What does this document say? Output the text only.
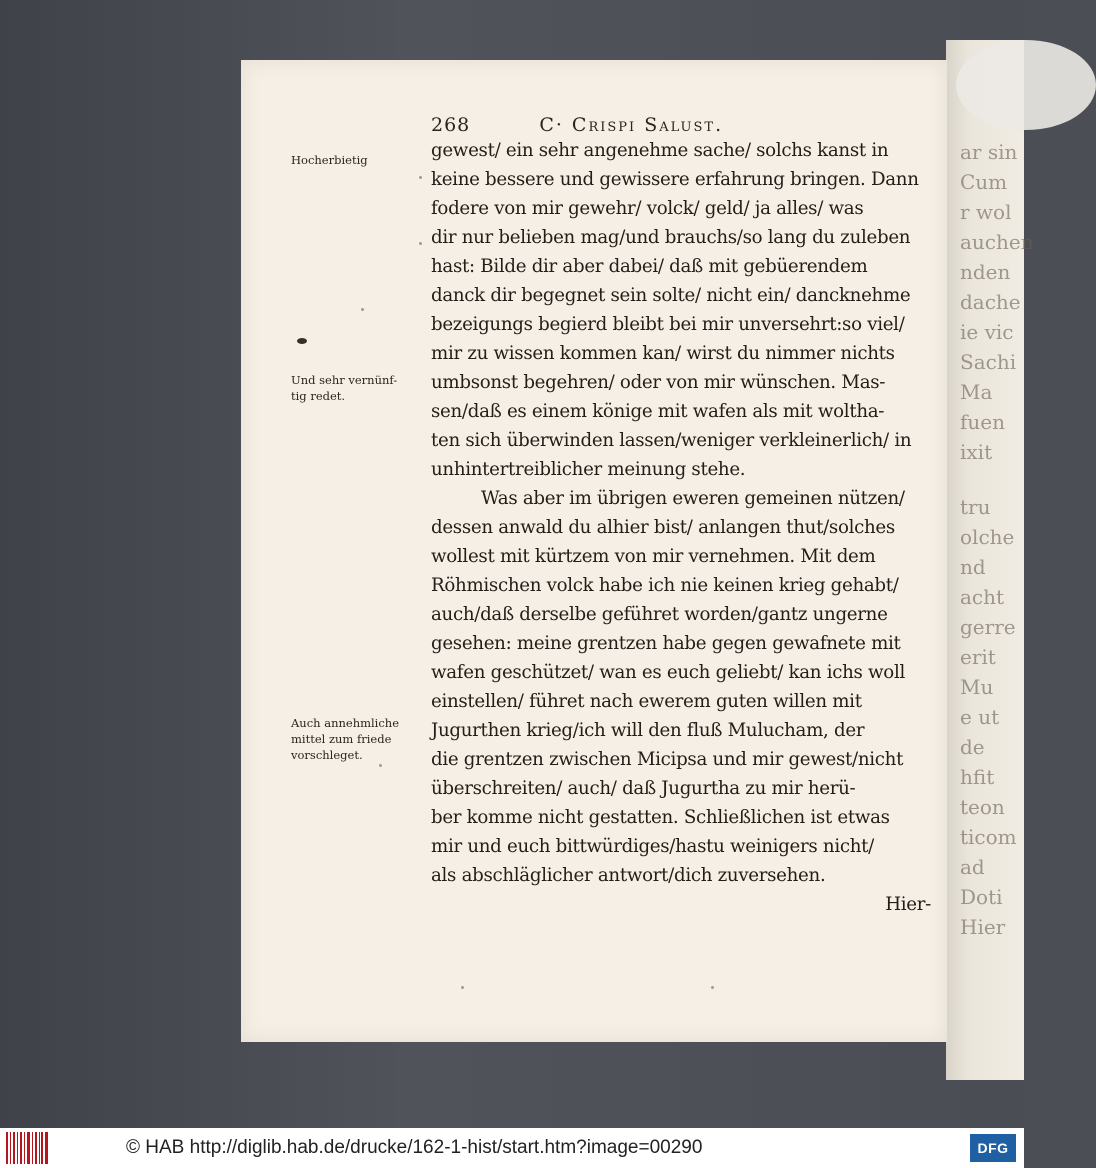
ar sin
Cum
r wol
auchen
nden
dache
ie vic
Sachi
Ma
fuen
ixit
tru
olche
nd
acht
gerre
erit
Mu
e ut
de
hfit
teon
ticom
ad
Doti
Hier
268	C· Crispi Salust.
Hocherbietig
Und sehr vernünf-
tig redet.
Auch annehmliche
mittel zum friede
vorschleget.
gewest/ ein sehr angenehme sache/ solchs kanst in
keine bessere und gewissere erfahrung bringen. Dann
fodere von mir gewehr/ volck/ geld/ ja alles/ was
dir nur belieben mag/und brauchs/so lang du zuleben
hast: Bilde dir aber dabei/ daß mit gebüerendem
danck dir begegnet sein solte/ nicht ein/ dancknehme
bezeigungs begierd bleibt bei mir unversehrt:so viel/
mir zu wissen kommen kan/ wirst du nimmer nichts
umbsonst begehren/ oder von mir wünschen. Mas-
sen/daß es einem könige mit wafen als mit woltha-
ten sich überwinden lassen/weniger verkleinerlich/ in
unhintertreiblicher meinung stehe.
Was aber im übrigen eweren gemeinen nützen/
dessen anwald du alhier bist/ anlangen thut/solches
wollest mit kürtzem von mir vernehmen. Mit dem
Röhmischen volck habe ich nie keinen krieg gehabt/
auch/daß derselbe geführet worden/gantz ungerne
gesehen: meine grentzen habe gegen gewafnete mit
wafen geschützet/ wan es euch geliebt/ kan ichs woll
einstellen/ führet nach ewerem guten willen mit
Jugurthen krieg/ich will den fluß Mulucham, der
die grentzen zwischen Micipsa und mir gewest/nicht
überschreiten/ auch/ daß Jugurtha zu mir herü-
ber komme nicht gestatten. Schließlichen ist etwas
mir und euch bittwürdiges/hastu weinigers nicht/
als abschläglicher antwort/dich zuversehen.
Hier-
© HAB http://diglib.hab.de/drucke/162-1-hist/start.htm?image=00290	DFG
